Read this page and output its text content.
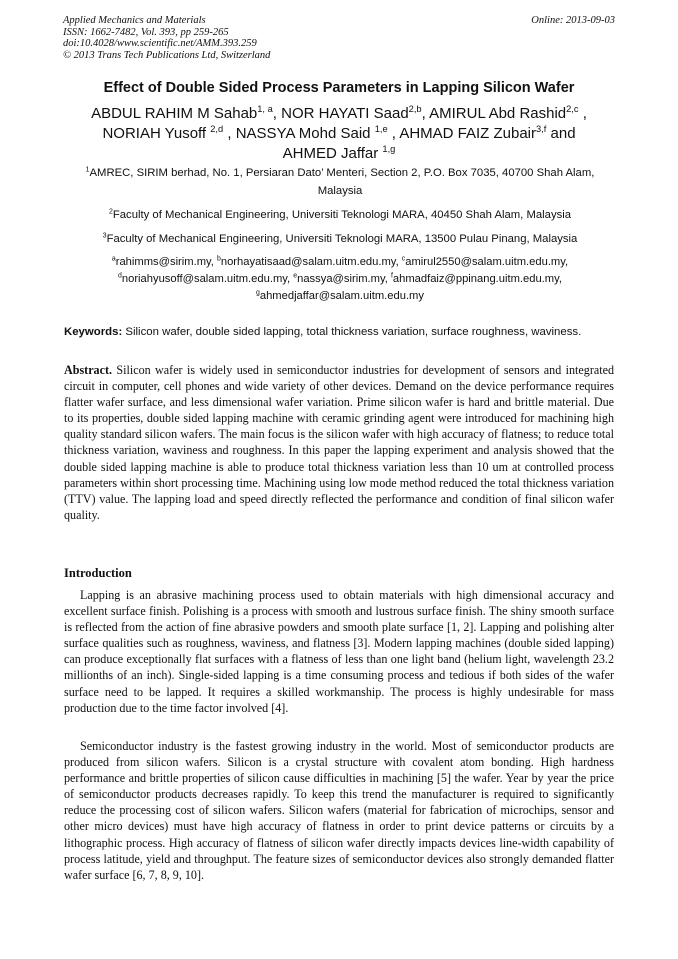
Applied Mechanics and Materials
ISSN: 1662-7482, Vol. 393, pp 259-265
doi:10.4028/www.scientific.net/AMM.393.259
© 2013 Trans Tech Publications Ltd, Switzerland
Online: 2013-09-03
Effect of Double Sided Process Parameters in Lapping Silicon Wafer
ABDUL RAHIM M Sahab$^{1, a}$, NOR HAYATI Saad$^{2,b}$, AMIRUL Abd Rashid$^{2,c}$ ,
NORIAH Yusoff $^{2,d}$ , NASSYA Mohd Said $^{1,e}$ , AHMAD FAIZ Zubair$^{3,f}$ and
AHMED Jaffar $^{1,g}$
$^1$AMREC, SIRIM berhad, No. 1, Persiaran Dato’ Menteri, Section 2, P.O. Box 7035, 40700 Shah Alam, Malaysia
$^2$Faculty of Mechanical Engineering, Universiti Teknologi MARA, 40450 Shah Alam, Malaysia
$^3$Faculty of Mechanical Engineering, Universiti Teknologi MARA, 13500 Pulau Pinang, Malaysia
$^a$rahimms@sirim.my, $^b$norhayatisaad@salam.uitm.edu.my, $^c$amirul2550@salam.uitm.edu.my,
$^d$noriahyusoff@salam.uitm.edu.my, $^e$nassya@sirim.my, $^f$ahmadfaiz@ppinang.uitm.edu.my,
$^g$ahmedjaffar@salam.uitm.edu.my
Keywords: Silicon wafer, double sided lapping, total thickness variation, surface roughness, waviness.
Abstract. Silicon wafer is widely used in semiconductor industries for development of sensors and integrated circuit in computer, cell phones and wide variety of other devices. Demand on the device performance requires flatter wafer surface, and less dimensional wafer variation. Prime silicon wafer is hard and brittle material. Due to its properties, double sided lapping machine with ceramic grinding agent were introduced for machining high quality standard silicon wafers. The main focus is the silicon wafer with high accuracy of flatness; to reduce total thickness variation, waviness and roughness. In this paper the lapping experiment and analysis showed that the double sided lapping machine is able to produce total thickness variation less than 10 um at controlled process parameters within short processing time. Machining using low mode method reduced the total thickness variation (TTV) value. The lapping load and speed directly reflected the performance and condition of final silicon wafer quality.
Introduction
Lapping is an abrasive machining process used to obtain materials with high dimensional accuracy and excellent surface finish. Polishing is a process with smooth and lustrous surface finish. The shiny smooth surface is reflected from the action of fine abrasive powders and smooth plate surface [1, 2]. Lapping and polishing alter surface qualities such as roughness, waviness, and flatness [3]. Modern lapping machines (double sided lapping) can produce exceptionally flat surfaces with a flatness of less than one light band (helium light, wavelength 23.2 millionths of an inch). Single-sided lapping is a time consuming process and tedious if both sides of the wafer surface need to be lapped. It requires a skilled workmanship. The process is highly undesirable for mass production due to the time factor involved [4].
Semiconductor industry is the fastest growing industry in the world. Most of semiconductor products are produced from silicon wafers. Silicon is a crystal structure with covalent atom bonding. High hardness performance and brittle properties of silicon cause difficulties in machining [5] the wafer. Year by year the price of semiconductor products decreases rapidly. To keep this trend the manufacturer is required to significantly reduce the processing cost of silicon wafers. Silicon wafers (material for fabrication of microchips, sensor and other micro devices) must have high accuracy of flatness in order to print device patterns or circuits by a lithographic process. High accuracy of flatness of silicon wafer directly impacts devices line-width capability of process latitude, yield and throughput. The feature sizes of semiconductor devices also strongly demanded flatter wafer surface [6, 7, 8, 9, 10].
